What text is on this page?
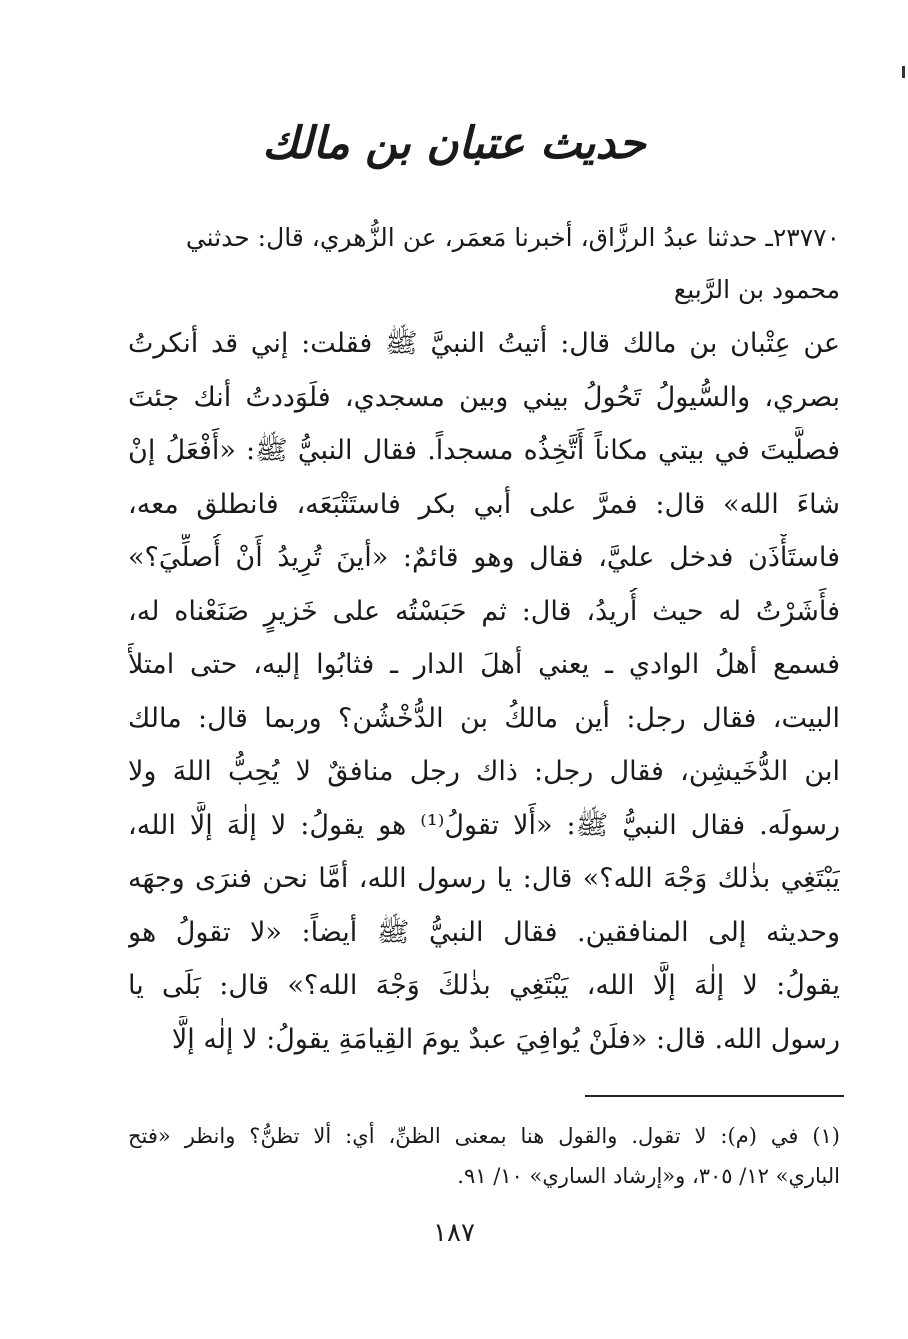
حديث عتبان بن مالك
٢٣٧٧٠ـ حدثنا عبدُ الرزَّاق، أخبرنا مَعمَر، عن الزُّهري، قال: حدثني
محمود بن الرَّبيع
عن عِتْبان بن مالك قال: أتيتُ النبيَّ ﷺ فقلت: إني قد أنكرتُ
بصري، والسُّيولُ تَحُولُ بيني وبين مسجدي، فلَوَددتُ أنك جئتَ
فصلَّيتَ في بيتي مكاناً أَتَّخِذُه مسجداً. فقال النبيُّ ﷺ: «أَفْعَلُ إنْ
شاءَ الله» قال: فمرَّ على أبي بكر فاستَتْبَعَه، فانطلق معه،
فاستَأْذَن فدخل عليَّ، فقال وهو قائمٌ: «أينَ تُرِيدُ أَنْ أُصلِّيَ؟»
فأَشَرْتُ له حيث أُريدُ، قال: ثم حَبَسْتُه على خَزيرٍ صَنَعْناه له،
فسمع أهلُ الوادي ـ يعني أهلَ الدار ـ فثابُوا إليه، حتى امتلأَ
البيت، فقال رجل: أين مالكُ بن الدُّخْشُن؟ وربما قال: مالك
ابن الدُّخَيشِن، فقال رجل: ذاك رجل منافقٌ لا يُحِبُّ اللهَ ولا
رسولَه. فقال النبيُّ ﷺ: «أَلا تقولُ⁽¹⁾ هو يقولُ: لا إلٰهَ إلَّا الله،
يَبْتَغِي بذٰلك وَجْهَ الله؟» قال: يا رسول الله، أمَّا نحن فنرَى وجهَه
وحديثه إلى المنافقين. فقال النبيُّ ﷺ أيضاً: «لا تقولُ هو
يقولُ: لا إلٰهَ إلَّا الله، يَبْتَغِي بذٰلكَ وَجْهَ الله؟» قال: بَلَى يا
رسول الله. قال: «فلَنْ يُوافِيَ عبدٌ يومَ القِيامَةِ يقولُ: لا إلٰه إلَّا
(١) في (م): لا تقول. والقول هنا بمعنى الظنِّ، أي: ألا تظنُّ؟ وانظر «فتح
الباري» ١٢/ ٣٠٥، و«إرشاد الساري» ١٠/ ٩١.
١٨٧
